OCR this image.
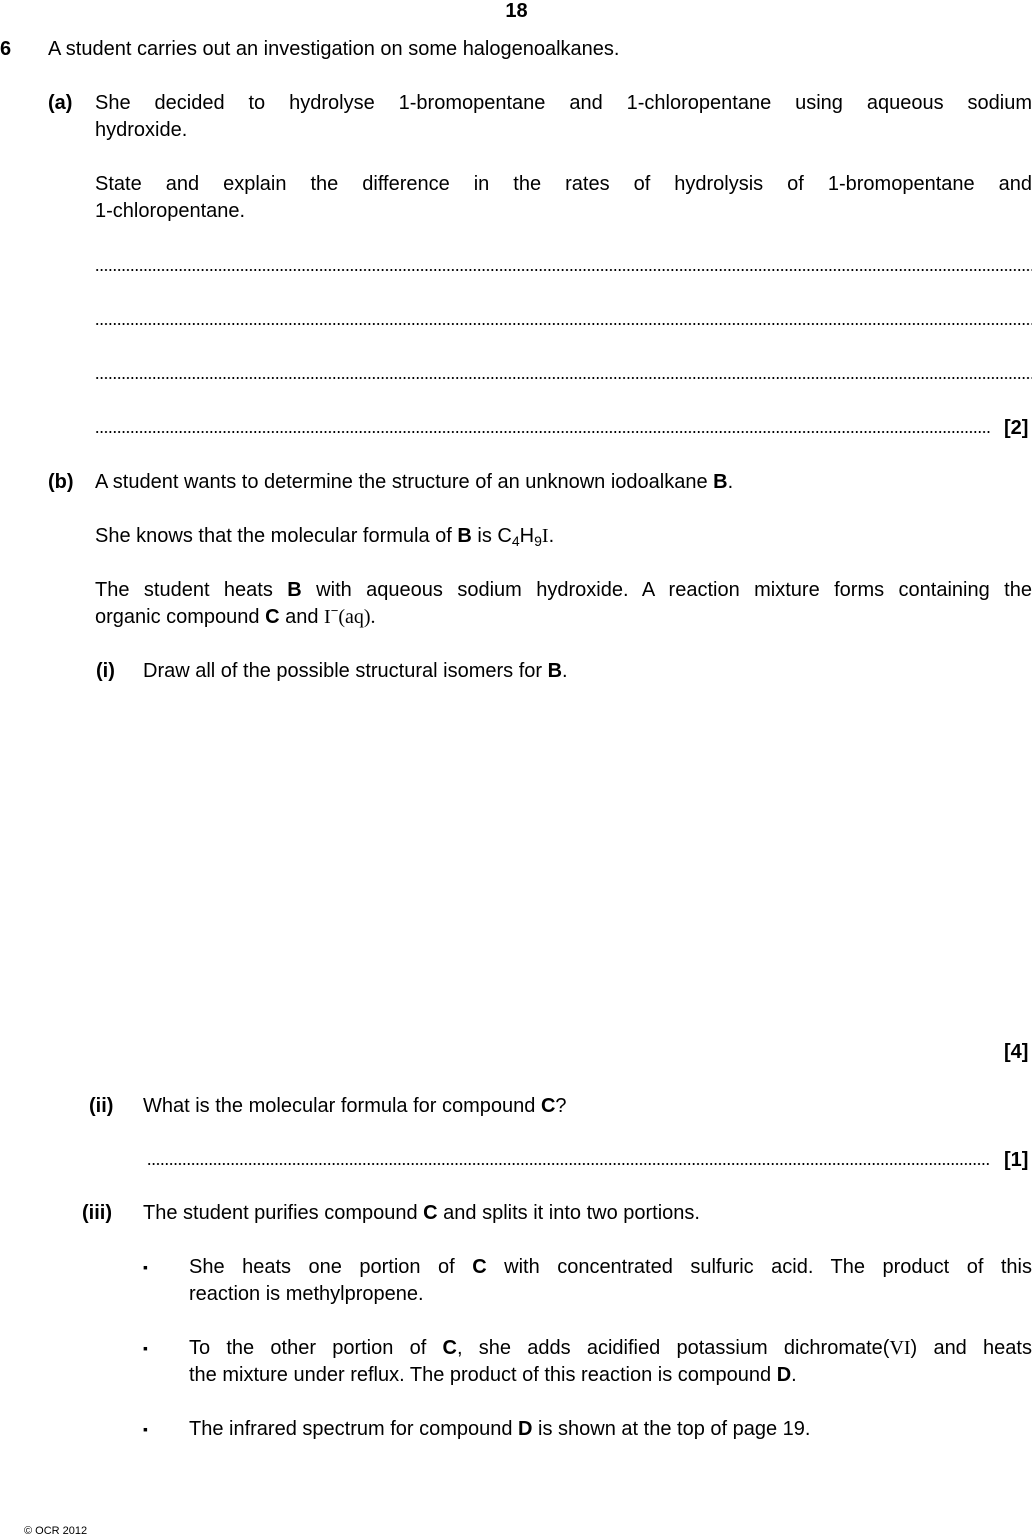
18
6 A student carries out an investigation on some halogenoalkanes.
(a) She decided to hydrolyse 1-bromopentane and 1-chloropentane using aqueous sodium
hydroxide.
State and explain the difference in the rates of hydrolysis of 1-bromopentane and
1-chloropentane.
[2]
(b) A student wants to determine the structure of an unknown iodoalkane B.
She knows that the molecular formula of B is $C_4H_9I$.
The student heats B with aqueous sodium hydroxide. A reaction mixture forms containing the
organic compound C and I−(aq).
(i) Draw all of the possible structural isomers for B.
[4]
(ii) What is the molecular formula for compound C?
[1]
(iii) The student purifies compound C and splits it into two portions.
▪ She heats one portion of C with concentrated sulfuric acid. The product of this
reaction is methylpropene.
▪ To the other portion of C, she adds acidified potassium dichromate(VI) and heats
the mixture under reflux. The product of this reaction is compound D.
▪ The infrared spectrum for compound D is shown at the top of page 19.
© OCR 2012
